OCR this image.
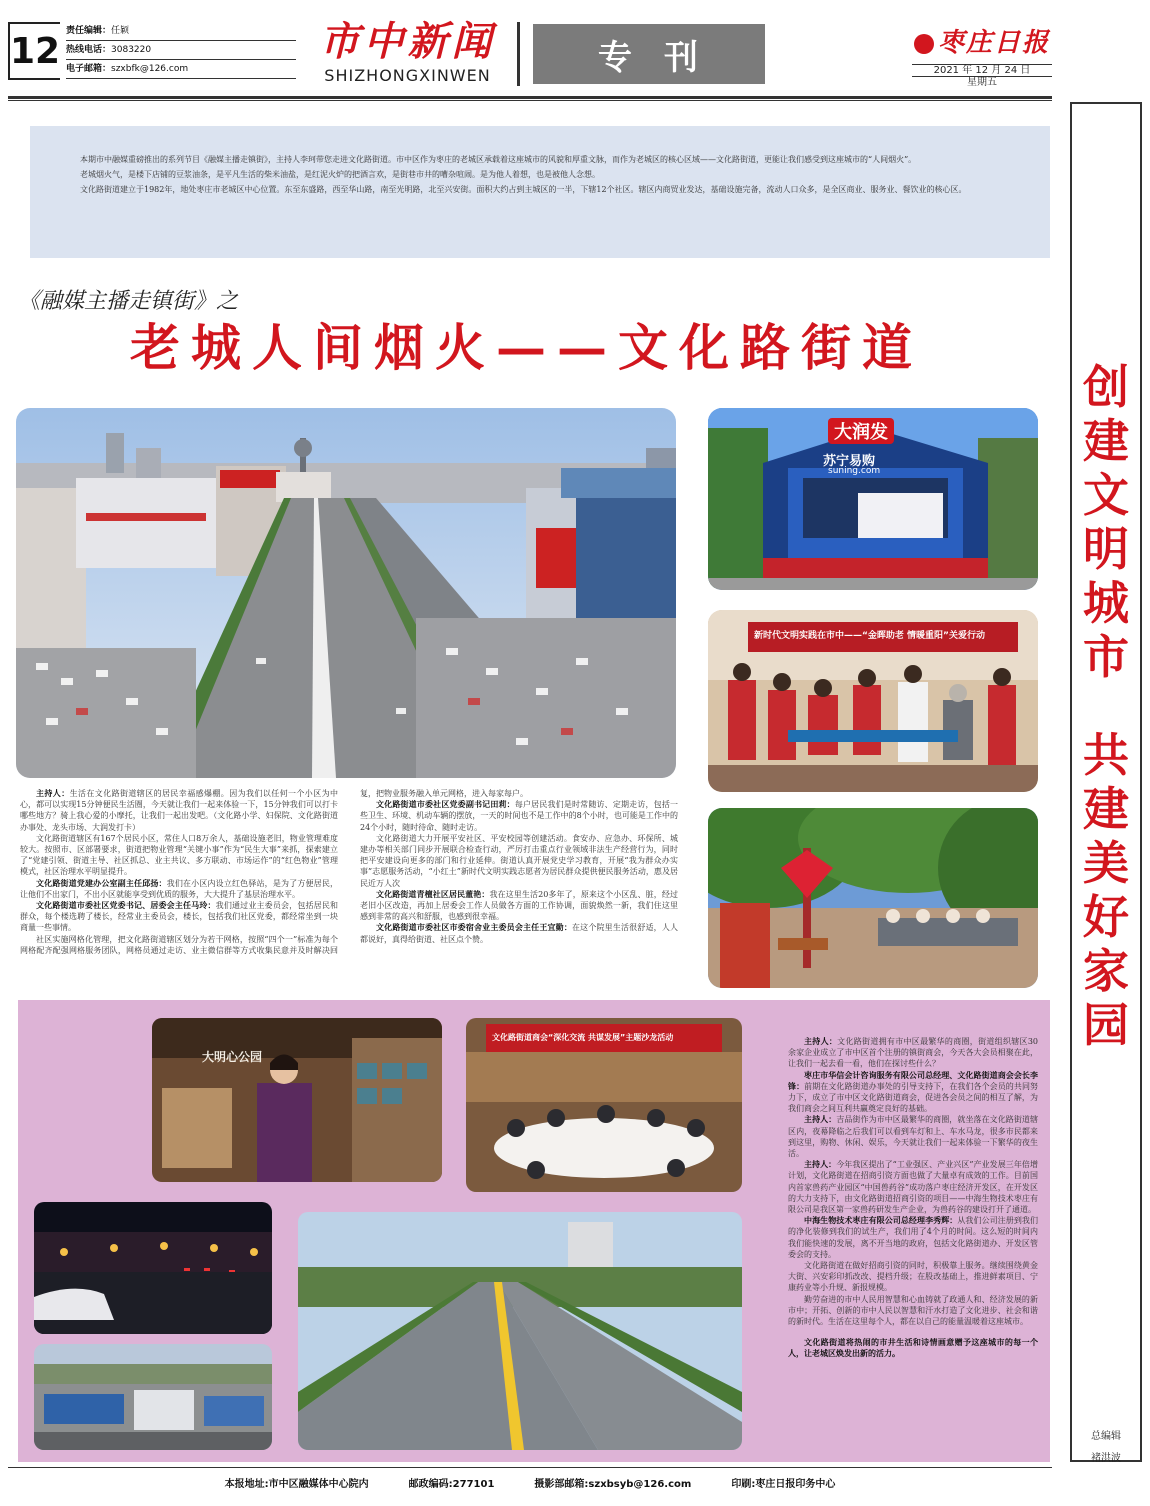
12 责任编辑：任颖
热线电话：3083220
电子邮箱：szxbfk@126.com
市中新闻
SHIZHONGXINWEN	专刊	枣庄日报
2021 年 12 月 24 日
星期五

本期市中融媒重磅推出的系列节目《融媒主播走镇街》，主持人李珂带您走进文化路街道。市中区作为枣庄的老城区承载着这座城市的风貌和厚重文脉，而作为老城区的核心区域——文化路街道，更能让我们感受到这座城市的“人间烟火”。

老城烟火气，是楼下店铺的豆浆油条，是平凡生活的柴米油盐，是红泥火炉的把酒言欢，是街巷市井的嘈杂喧闹。是为他人着想，也是被他人念想。

文化路街道建立于1982年，地处枣庄市老城区中心位置。东至东盛路，西至华山路，南至光明路，北至兴安街。面积大约占到主城区的一半，下辖12个社区。辖区内商贸业发达，基础设施完备，流动人口众多，是全区商业、服务业、餐饮业的核心区。

《融媒主播走镇街》之
老城人间烟火——文化路街道
大润发
苏宁易购
suning.com
新时代文明实践在市中——“金晖助老 情暖重阳”关爱行动

主持人：生活在文化路街道辖区的居民幸福感爆棚。因为我们以任何一个小区为中心，都可以实现15分钟便民生活圈，今天就让我们一起来体验一下，15分钟我们可以打卡哪些地方？骑上我心爱的小摩托，让我们一起出发吧。（文化路小学、妇保院、文化路街道办事处、龙头市场、大润发打卡）

文化路街道辖区有167个居民小区，常住人口8万余人，基础设施老旧，物业管理难度较大。按照市、区部署要求，街道把物业管理“关键小事”作为“民生大事”来抓，探索建立了“党建引领、街道主导、社区抓总、业主共议、多方联动、市场运作”的“红色物业”管理模式，社区治理水平明显提升。

文化路街道党建办公室副主任邱扬：我们在小区内设立红色驿站，是为了方便居民，让他们不出家门，不出小区就能享受到优质的服务，大大提升了基层治理水平。

文化路街道市委社区党委书记、居委会主任马玲：我们通过业主委员会，包括居民和群众，每个楼选聘了楼长，经常业主委员会，楼长，包括我们社区党委，都经常坐到一块商量一些事情。

社区实施网格化管理，把文化路街道辖区划分为若干网格，按照“四个一”标准为每个网格配齐配强网格服务团队，网格员通过走访、业主微信群等方式收集民意并及时解决回复，把物业服务融入单元网格，进入每家每户。

文化路街道市委社区党委副书记田莉：每户居民我们是时常随访、定期走访，包括一些卫生、环境、机动车辆的摆放，一天的时间也不是工作中的8个小时，也可能是工作中的24个小时，随时待命、随时走访。

文化路街道大力开展平安社区、平安校园等创建活动。食安办、应急办、环保所、城建办等相关部门同步开展联合检查行动，严厉打击重点行业领域非法生产经营行为，同时把平安建设向更多的部门和行业延伸。街道认真开展党史学习教育，开展“我为群众办实事”志愿服务活动，“小红土”新时代文明实践志愿者为居民群众提供便民服务活动，惠及居民近万人次

文化路街道青檀社区居民董艳：我在这里生活20多年了，原来这个小区乱、脏，经过老旧小区改造，再加上居委会工作人员做各方面的工作协调，面貌焕然一新，我们住这里感到非常的高兴和舒服，也感到很幸福。

文化路街道市委社区市委宿舍业主委员会主任王宜勤：在这个院里生活很舒适，人人都说好，真得给街道、社区点个赞。

大明心公园
文化路街道商会“深化交流 共谋发展”主题沙龙活动	主持人：文化路街道拥有市中区最繁华的商圈，街道组织辖区30余家企业成立了市中区首个注册的镇街商会，今天各大会员相聚在此，让我们一起去看一看，他们在探讨些什么？

枣庄市华信会计咨询服务有限公司总经理、文化路街道商会会长李锋：前期在文化路街道办事处的引导支持下，在我们各个会员的共同努力下，成立了市中区文化路街道商会，促进各会员之间的相互了解，为我们商会之间互利共赢奠定良好的基础。

主持人：吉品街作为市中区最繁华的商圈，就坐落在文化路街道辖区内，夜幕降临之后我们可以看到车灯和上、车水马龙，很多市民都来到这里，购物、休闲、娱乐，今天就让我们一起来体验一下繁华的夜生活。

主持人：今年我区提出了“工业强区、产业兴区”产业发展三年倍增计划，文化路街道在招商引资方面也做了大量卓有成效的工作。目前国内首家兽药产业园区“中国兽药谷”成功落户枣庄经济开发区，在开发区的大力支持下，由文化路街道招商引资的项目——中海生物技术枣庄有限公司是我区第一家兽药研发生产企业，为兽药谷的建设打开了通道。

中海生物技术枣庄有限公司总经理李秀辉：从我们公司注册到我们的净化装修到我们的试生产，我们用了4个月的时间。这么短的时间内我们能快速的发展，离不开当地的政府，包括文化路街道办、开发区管委会的支持。

文化路街道在做好招商引资的同时，积极靠上服务。继续围绕黄金大街、兴安彩印抓改改、提档升级；在股改基础上，推进鲜素项目、宁康药业等小升规、新报规模。

勤劳奋进的市中人民用智慧和心血铸就了政通人和、经济发展的新市中；开拓、创新的市中人民以智慧和汗水打造了文化进步、社会和谐的新时代。生活在这里每个人，都在以自己的能量温暖着这座城市。

文化路街道将热闹的市井生活和诗情画意赠予这座城市的每一个人，让老城区焕发出新的活力。

创
建
文
明
城
市
共
建
美
好
家
园
总编辑
褚洪波
本报地址:市中区融媒体中心院内	邮政编码:277101	摄影部邮箱:szxbsyb@126.com	印刷:枣庄日报印务中心
